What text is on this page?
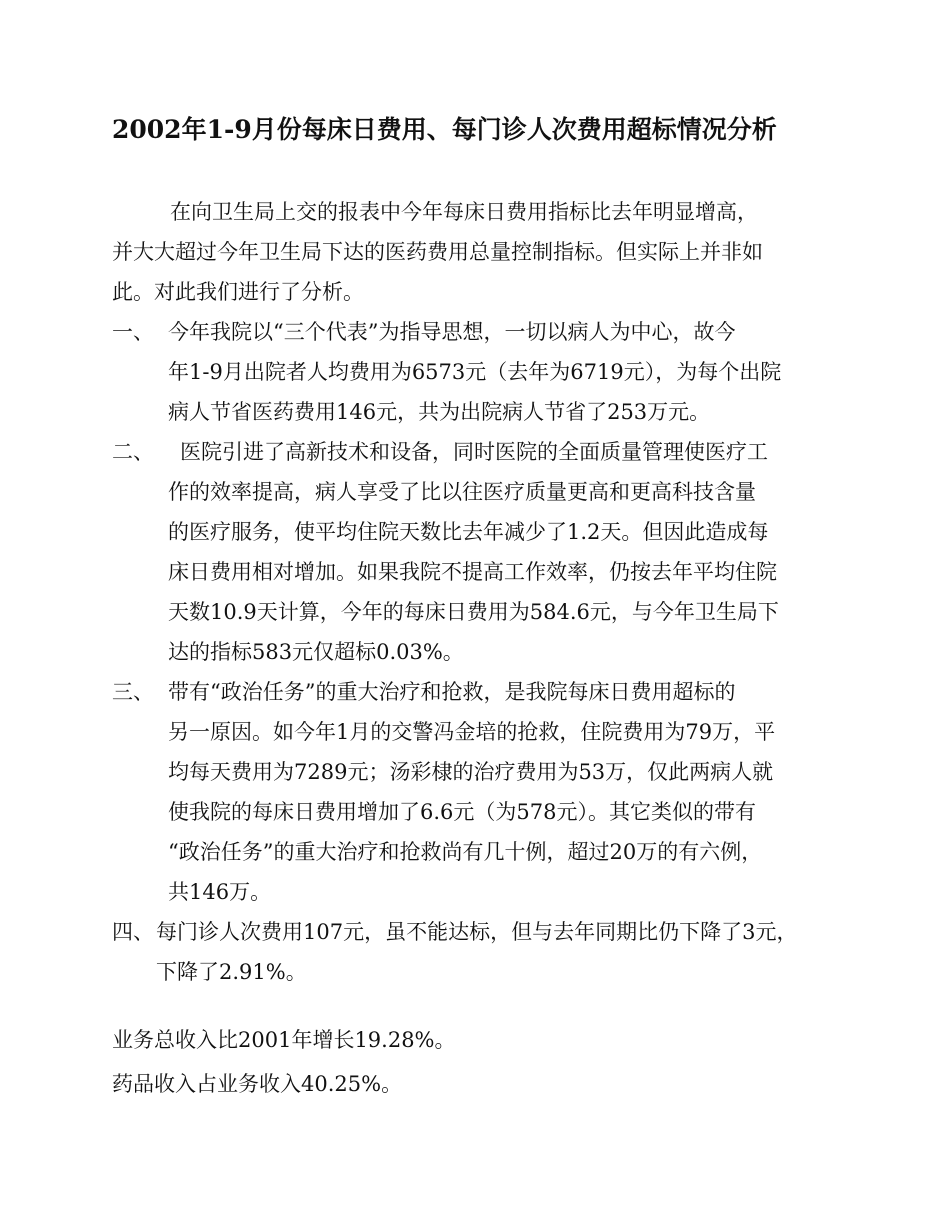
2002年1-9月份每床日费用、每门诊人次费用超标情况分析
在向卫生局上交的报表中今年每床日费用指标比去年明显增高，
并大大超过今年卫生局下达的医药费用总量控制指标。但实际上并非如
此。对此我们进行了分析。
一、 今年我院以“三个代表”为指导思想，一切以病人为中心，故今
年1-9月出院者人均费用为6573元（去年为6719元），为每个出院
病人节省医药费用146元，共为出院病人节省了253万元。
二、 医院引进了高新技术和设备，同时医院的全面质量管理使医疗工
作的效率提高，病人享受了比以往医疗质量更高和更高科技含量
的医疗服务，使平均住院天数比去年减少了1.2天。但因此造成每
床日费用相对增加。如果我院不提高工作效率，仍按去年平均住院
天数10.9天计算，今年的每床日费用为584.6元，与今年卫生局下
达的指标583元仅超标0.03%。
三、 带有“政治任务”的重大治疗和抢救，是我院每床日费用超标的
另一原因。如今年1月的交警冯金培的抢救，住院费用为79万，平
均每天费用为7289元；汤彩棣的治疗费用为53万，仅此两病人就
使我院的每床日费用增加了6.6元（为578元）。其它类似的带有
“政治任务”的重大治疗和抢救尚有几十例，超过20万的有六例，
共146万。
四、 每门诊人次费用107元，虽不能达标，但与去年同期比仍下降了3元，
下降了2.91%。
业务总收入比2001年增长19.28%。
药品收入占业务收入40.25%。
